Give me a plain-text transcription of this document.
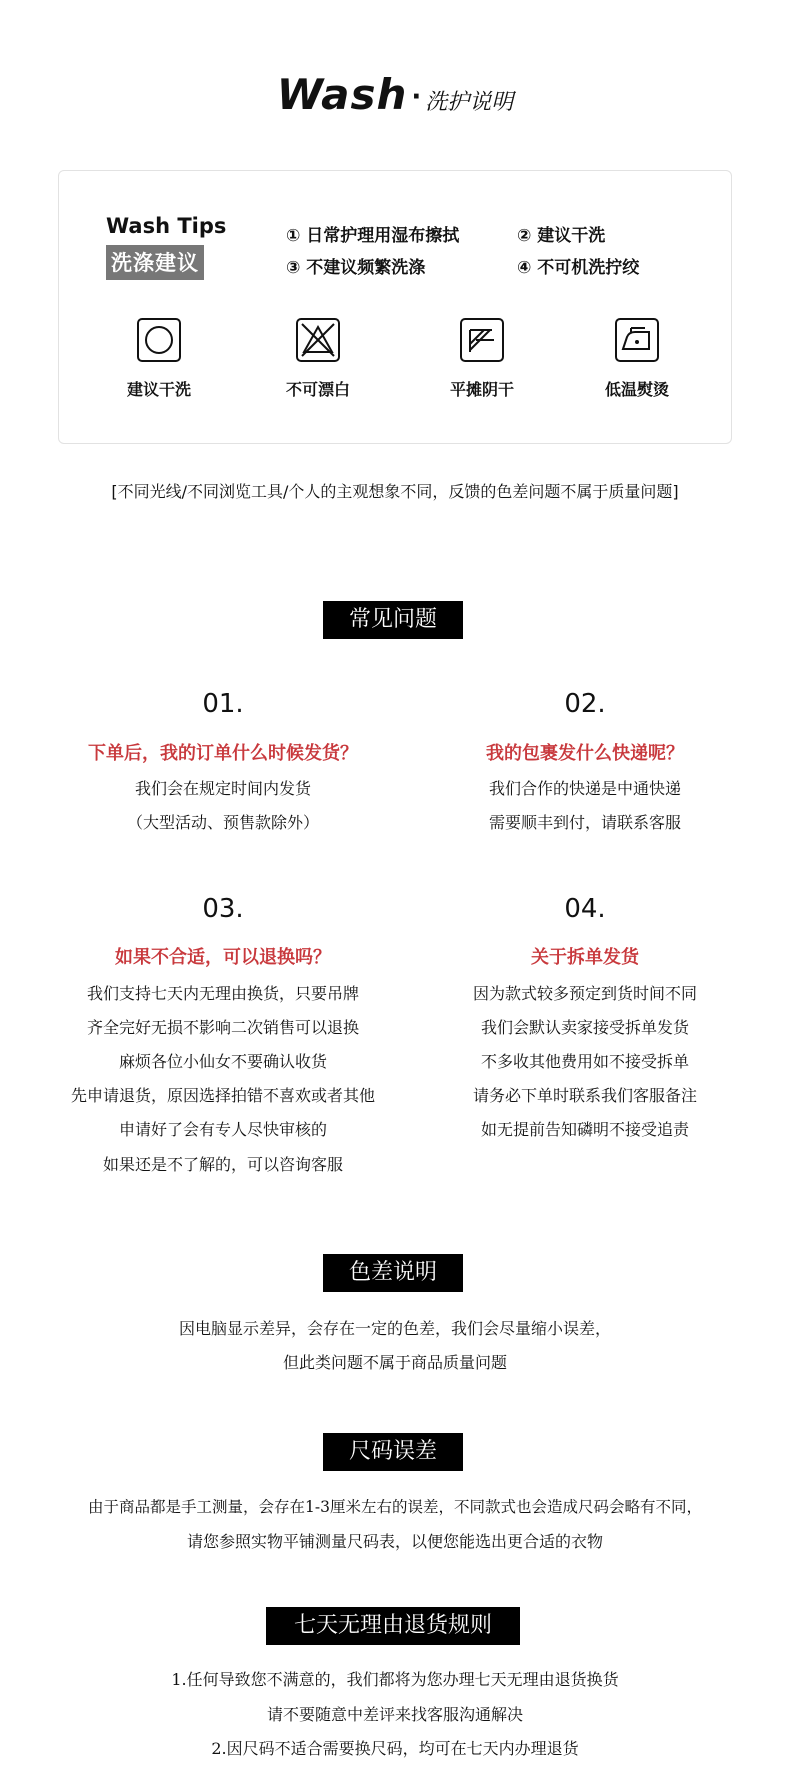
Wash · 洗护说明
Wash Tips
洗涤建议
① 日常护理用湿布擦拭	② 建议干洗
③ 不建议频繁洗涤	④ 不可机洗拧绞
建议干洗	不可漂白	平摊阴干	低温熨烫
[不同光线/不同浏览工具/个人的主观想象不同，反馈的色差问题不属于质量问题]
常见问题
01.
下单后，我的订单什么时候发货？
我们会在规定时间内发货
（大型活动、预售款除外）
02.
我的包裹发什么快递呢？
我们合作的快递是中通快递
需要顺丰到付，请联系客服
03.
如果不合适，可以退换吗？
我们支持七天内无理由换货，只要吊牌
齐全完好无损不影响二次销售可以退换
麻烦各位小仙女不要确认收货
先申请退货，原因选择拍错不喜欢或者其他
申请好了会有专人尽快审核的
如果还是不了解的，可以咨询客服
04.
关于拆单发货
因为款式较多预定到货时间不同
我们会默认卖家接受拆单发货
不多收其他费用如不接受拆单
请务必下单时联系我们客服备注
如无提前告知磷明不接受追责
色差说明
因电脑显示差异，会存在一定的色差，我们会尽量缩小误差，
但此类问题不属于商品质量问题
尺码误差
由于商品都是手工测量，会存在1-3厘米左右的误差，不同款式也会造成尺码会略有不同，
请您参照实物平铺测量尺码表，以便您能选出更合适的衣物
七天无理由退货规则
1.任何导致您不满意的，我们都将为您办理七天无理由退货换货
请不要随意中差评来找客服沟通解决
2.因尺码不适合需要换尺码，均可在七天内办理退货
